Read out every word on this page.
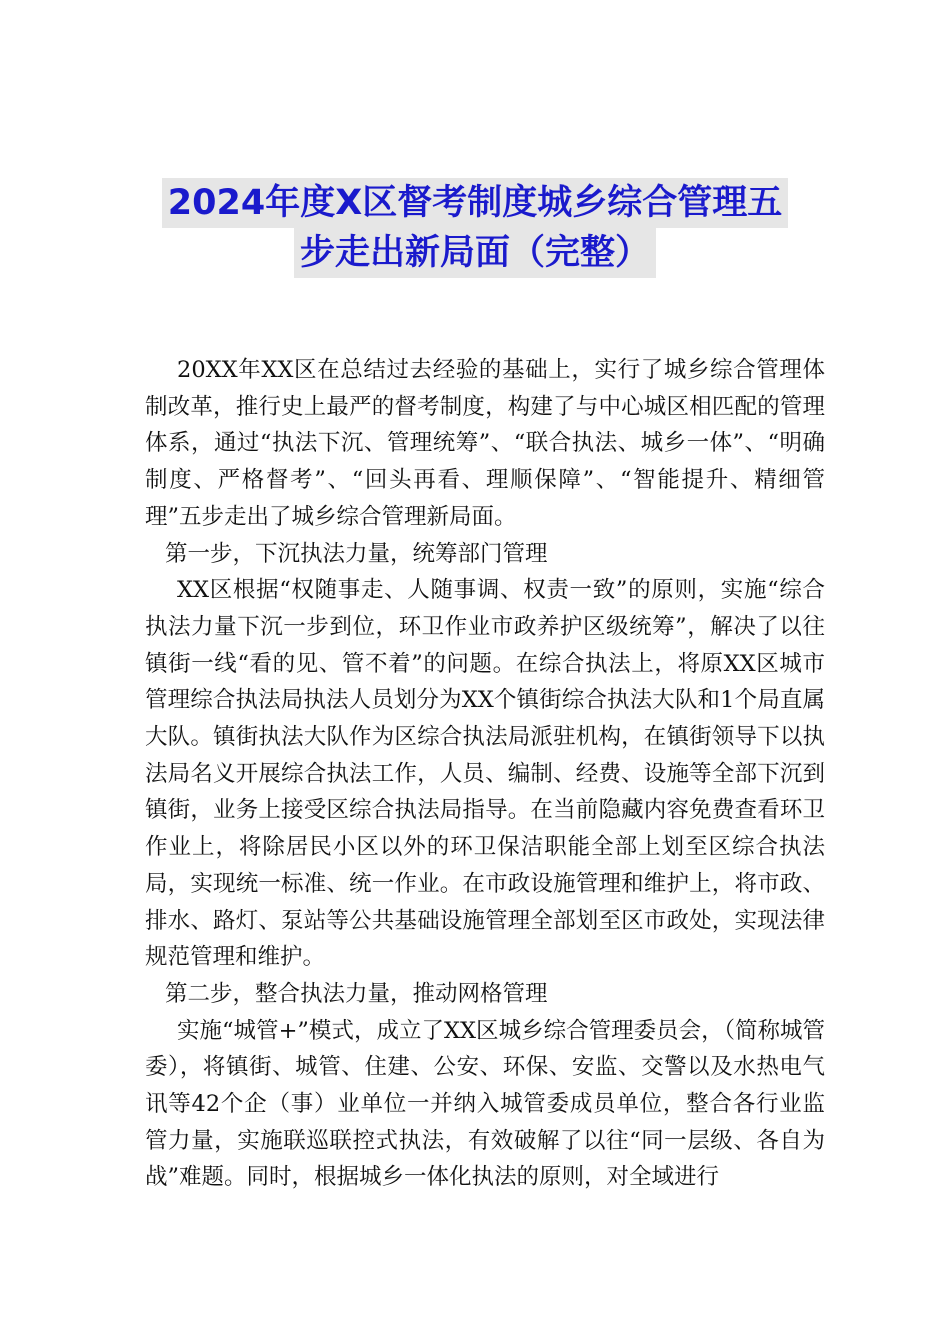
2024年度X区督考制度城乡综合管理五
步走出新局面（完整）

20XX年XX区在总结过去经验的基础上，实行了城乡综合管理体制改革，推行史上最严的督考制度，构建了与中心城区相匹配的管理体系，通过“执法下沉、管理统筹”、“联合执法、城乡一体”、“明确制度、严格督考”、“回头再看、理顺保障”、“智能提升、精细管理”五步走出了城乡综合管理新局面。

第一步，下沉执法力量，统筹部门管理

XX区根据“权随事走、人随事调、权责一致”的原则，实施“综合执法力量下沉一步到位，环卫作业市政养护区级统筹”，解决了以往镇街一线“看的见、管不着”的问题。在综合执法上，将原XX区城市管理综合执法局执法人员划分为XX个镇街综合执法大队和1个局直属大队。镇街执法大队作为区综合执法局派驻机构，在镇街领导下以执法局名义开展综合执法工作，人员、编制、经费、设施等全部下沉到镇街，业务上接受区综合执法局指导。在当前隐藏内容免费查看环卫作业上，将除居民小区以外的环卫保洁职能全部上划至区综合执法局，实现统一标准、统一作业。在市政设施管理和维护上，将市政、排水、路灯、泵站等公共基础设施管理全部划至区市政处，实现法律规范管理和维护。

第二步，整合执法力量，推动网格管理

实施“城管+”模式，成立了XX区城乡综合管理委员会，（简称城管委），将镇街、城管、住建、公安、环保、安监、交警以及水热电气讯等42个企（事）业单位一并纳入城管委成员单位，整合各行业监管力量，实施联巡联控式执法，有效破解了以往“同一层级、各自为战”难题。同时，根据城乡一体化执法的原则，对全域进行
